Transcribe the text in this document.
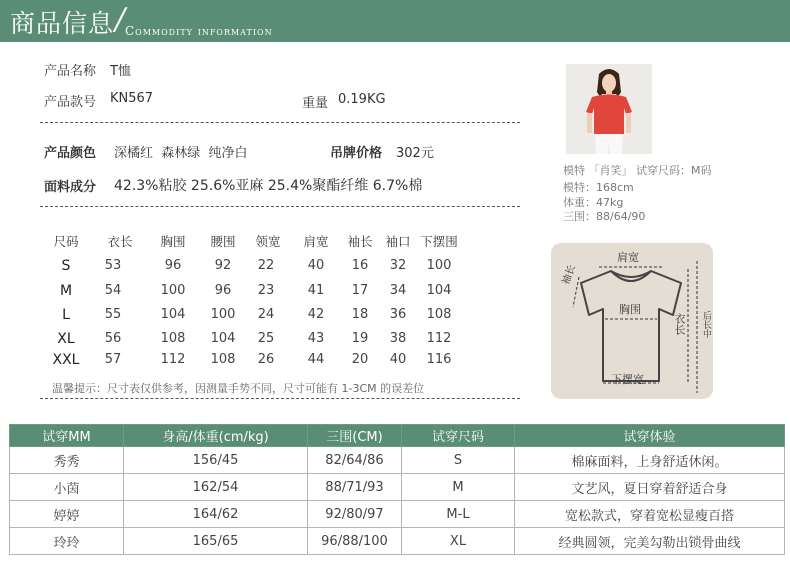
商品信息 / Commodity information
产品名称 T恤
产品款号 KN567	重量 0.19KG
产品颜色 深橘红  森林绿  纯净白	吊牌价格 302元
面料成分 42.3%粘胶 25.6%亚麻 25.4%聚酯纤维 6.7%棉
尺码	衣长	胸围	腰围	领宽	肩宽	袖长	袖口 下摆围
S	53	96	92	22	40	16	32	100
M	54	100	96	23	41	17	34	104
L	55	104	100	24	42	18	36	108
XL	56	108	104	25	43	19	38	112
XXL	57	112	108	26	44	20	40	116
温馨提示：尺寸表仅供参考，因测量手势不同，尺寸可能有 1-3CM 的误差位
模特 「肖笑」 试穿尺码：M码
模特：168cm
体重：47kg
三围：88/64/90
肩宽
胸围
下摆宽
袖长
衣长 后长中
试穿MM	身高/体重(cm/kg)	三围(CM)	试穿尺码	试穿体验
秀秀	156/45	82/64/86	S	棉麻面料，上身舒适休闲。
小茵	162/54	88/71/93	M	文艺风，夏日穿着舒适合身
婷婷	164/62	92/80/97	M-L	宽松款式，穿着宽松显瘦百搭
玲玲	165/65	96/88/100	XL	经典圆领，完美勾勒出锁骨曲线
